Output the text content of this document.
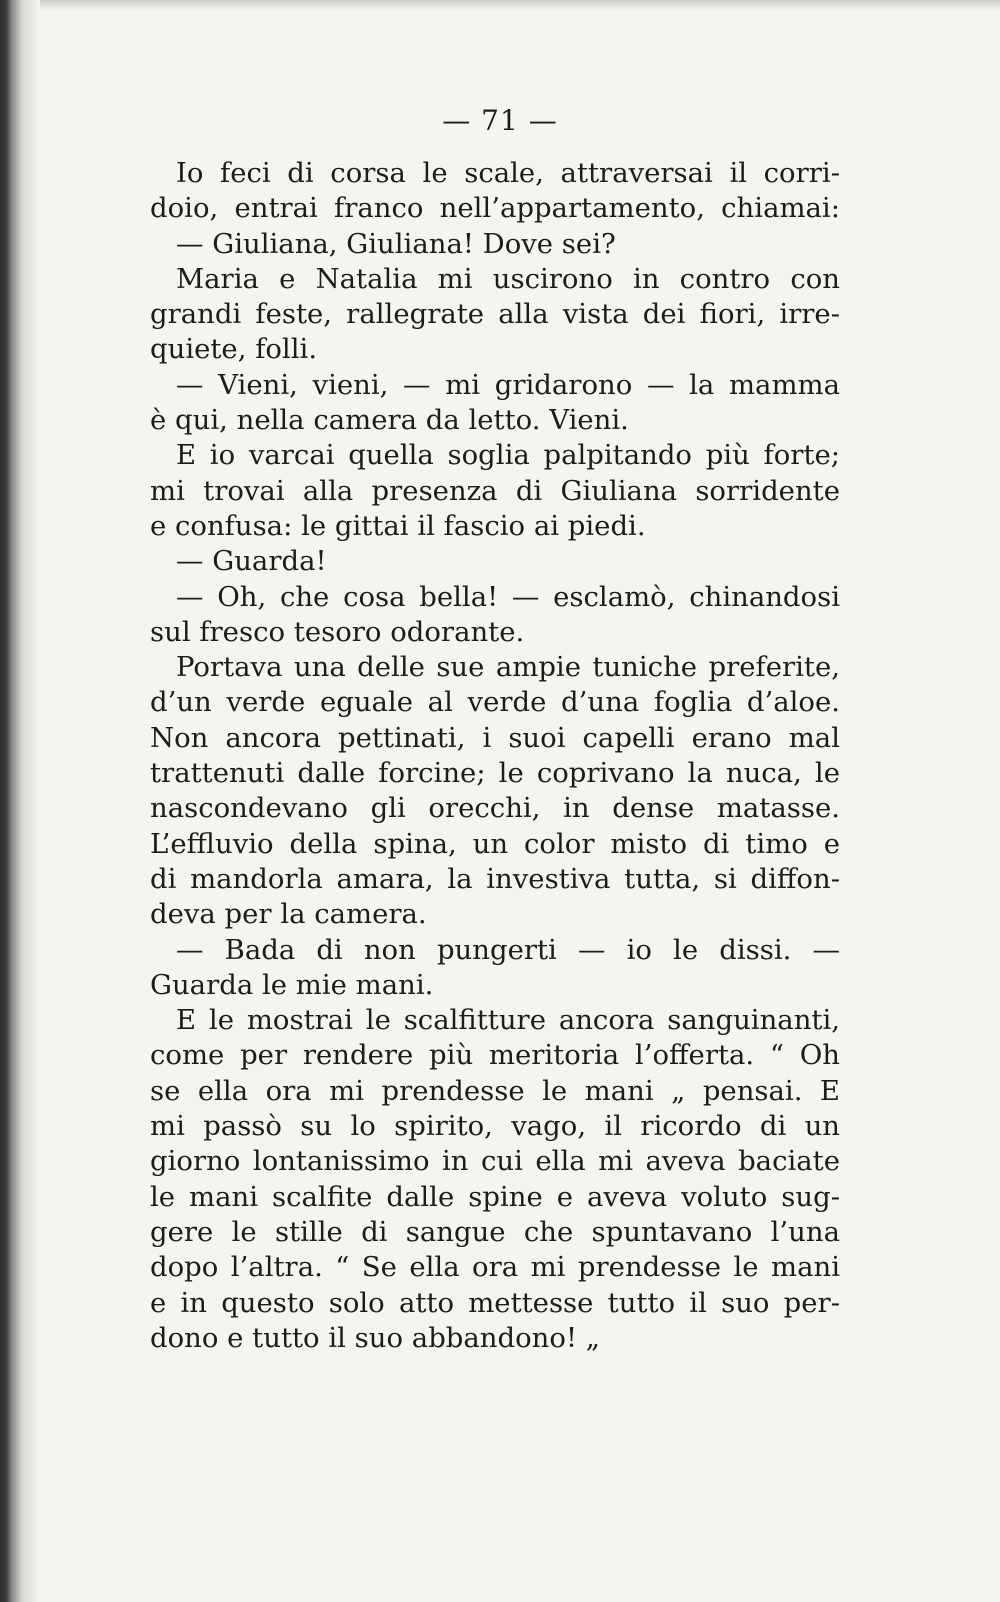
— 71 —
Io feci di corsa le scale, attraversai il corri-
doio, entrai franco nell’appartamento, chiamai:
— Giuliana, Giuliana! Dove sei?
Maria e Natalia mi uscirono in contro con
grandi feste, rallegrate alla vista dei fiori, irre-
quiete, folli.
— Vieni, vieni, — mi gridarono — la mamma
è qui, nella camera da letto. Vieni.
E io varcai quella soglia palpitando più forte;
mi trovai alla presenza di Giuliana sorridente
e confusa: le gittai il fascio ai piedi.
— Guarda!
— Oh, che cosa bella! — esclamò, chinandosi
sul fresco tesoro odorante.
Portava una delle sue ampie tuniche preferite,
d’un verde eguale al verde d’una foglia d’aloe.
Non ancora pettinati, i suoi capelli erano mal
trattenuti dalle forcine; le coprivano la nuca, le
nascondevano gli orecchi, in dense matasse.
L’effluvio della spina, un color misto di timo e
di mandorla amara, la investiva tutta, si diffon-
deva per la camera.
— Bada di non pungerti — io le dissi. —
Guarda le mie mani.
E le mostrai le scalfitture ancora sanguinanti,
come per rendere più meritoria l’offerta. “ Oh
se ella ora mi prendesse le mani „ pensai. E
mi passò su lo spirito, vago, il ricordo di un
giorno lontanissimo in cui ella mi aveva baciate
le mani scalfite dalle spine e aveva voluto sug-
gere le stille di sangue che spuntavano l’una
dopo l’altra. “ Se ella ora mi prendesse le mani
e in questo solo atto mettesse tutto il suo per-
dono e tutto il suo abbandono! „
